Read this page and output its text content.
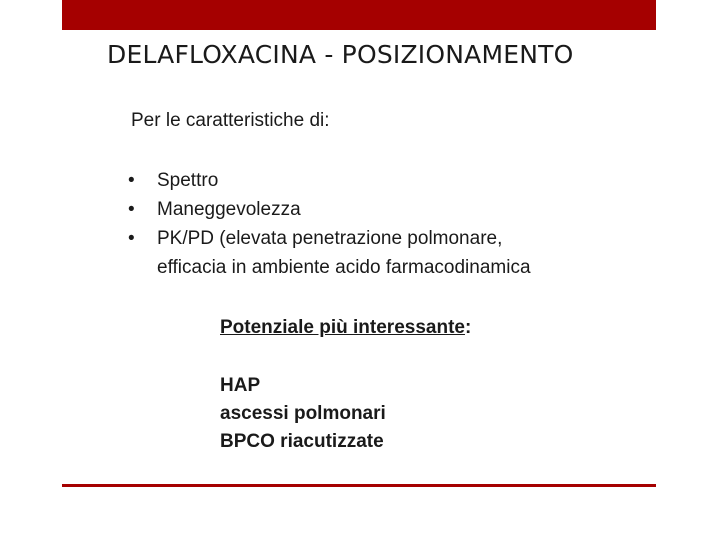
DELAFLOXACINA - POSIZIONAMENTO
Per le caratteristiche di:
• Spettro
• Maneggevolezza
• PK/PD (elevata penetrazione polmonare,
efficacia in ambiente acido farmacodinamica
Potenziale più interessante:
HAP
ascessi polmonari
BPCO riacutizzate
